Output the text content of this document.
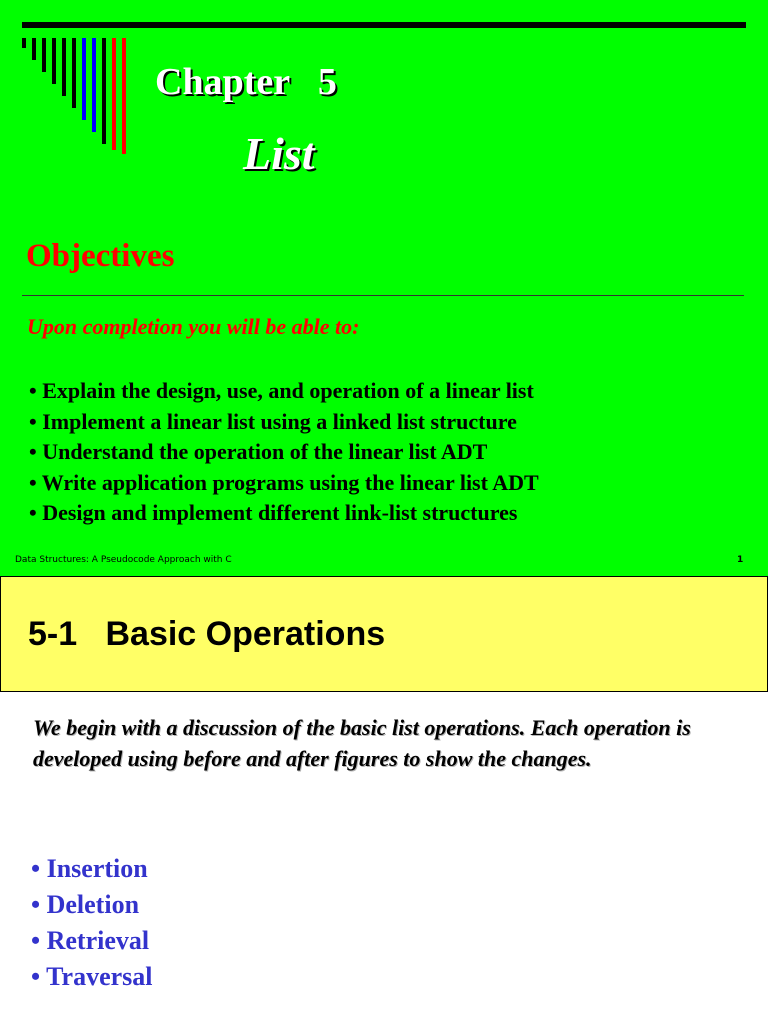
Chapter   5
List
Objectives
Upon completion you will be able to:
• Explain the design, use, and operation of a linear list
• Implement a linear list using a linked list structure
• Understand the operation of the linear list ADT
• Write application programs using the linear list ADT
• Design and implement different link-list structures
Data Structures: A Pseudocode Approach with C	1
5-1   Basic Operations
We begin with a discussion of the basic list operations. Each operation is developed using before and after figures to show the changes.
• Insertion
• Deletion
• Retrieval
• Traversal
